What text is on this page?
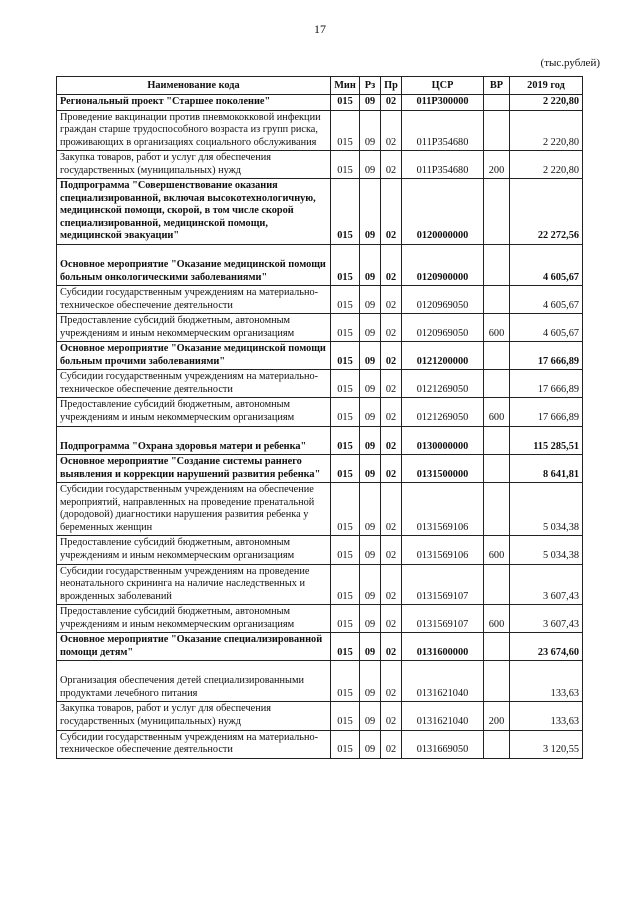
17
(тыс.рублей)
Наименование кода	Мин	Рз	Пр	ЦСР	ВР	2019 год
Региональный проект "Старшее поколение"	015	09	02	011Р300000		2 220,80
Проведение вакцинации против пневмококковой инфекции граждан старше трудоспособного возраста из групп риска, проживающих в организациях социального обслуживания	015	09	02	011Р354680		2 220,80
Закупка товаров, работ и услуг для обеспечения государственных (муниципальных) нужд	015	09	02	011Р354680	200	2 220,80
Подпрограмма "Совершенствование оказания специализированной, включая высокотехнологичную, медицинской помощи, скорой, в том числе скорой специализированной, медицинской помощи, медицинской эвакуации"	015	09	02	0120000000		22 272,56
Основное мероприятие "Оказание медицинской помощи больным онкологическими заболеваниями"	015	09	02	0120900000		4 605,67
Субсидии государственным учреждениям на материально-техническое обеспечение деятельности	015	09	02	0120969050		4 605,67
Предоставление субсидий бюджетным, автономным учреждениям и иным некоммерческим организациям	015	09	02	0120969050	600	4 605,67
Основное мероприятие "Оказание медицинской помощи больным прочими заболеваниями"	015	09	02	0121200000		17 666,89
Субсидии государственным учреждениям на материально-техническое обеспечение деятельности	015	09	02	0121269050		17 666,89
Предоставление субсидий бюджетным, автономным учреждениям и иным некоммерческим организациям	015	09	02	0121269050	600	17 666,89
Подпрограмма "Охрана здоровья матери и ребенка"	015	09	02	0130000000		115 285,51
Основное мероприятие "Создание системы раннего выявления и коррекции нарушений развития ребенка"	015	09	02	0131500000		8 641,81
Субсидии государственным учреждениям на обеспечение мероприятий, направленных на проведение пренатальной (дородовой) диагностики нарушения развития ребенка у беременных женщин	015	09	02	0131569106		5 034,38
Предоставление субсидий бюджетным, автономным учреждениям и иным некоммерческим организациям	015	09	02	0131569106	600	5 034,38
Субсидии государственным учреждениям на проведение неонатального скрининга на наличие наследственных и врожденных заболеваний	015	09	02	0131569107		3 607,43
Предоставление субсидий бюджетным, автономным учреждениям и иным некоммерческим организациям	015	09	02	0131569107	600	3 607,43
Основное мероприятие "Оказание специализированной помощи детям"	015	09	02	0131600000		23 674,60
Организация обеспечения детей специализированными продуктами лечебного питания	015	09	02	0131621040		133,63
Закупка товаров, работ и услуг для обеспечения государственных (муниципальных) нужд	015	09	02	0131621040	200	133,63
Субсидии государственным учреждениям на материально-техническое обеспечение деятельности	015	09	02	0131669050		3 120,55
